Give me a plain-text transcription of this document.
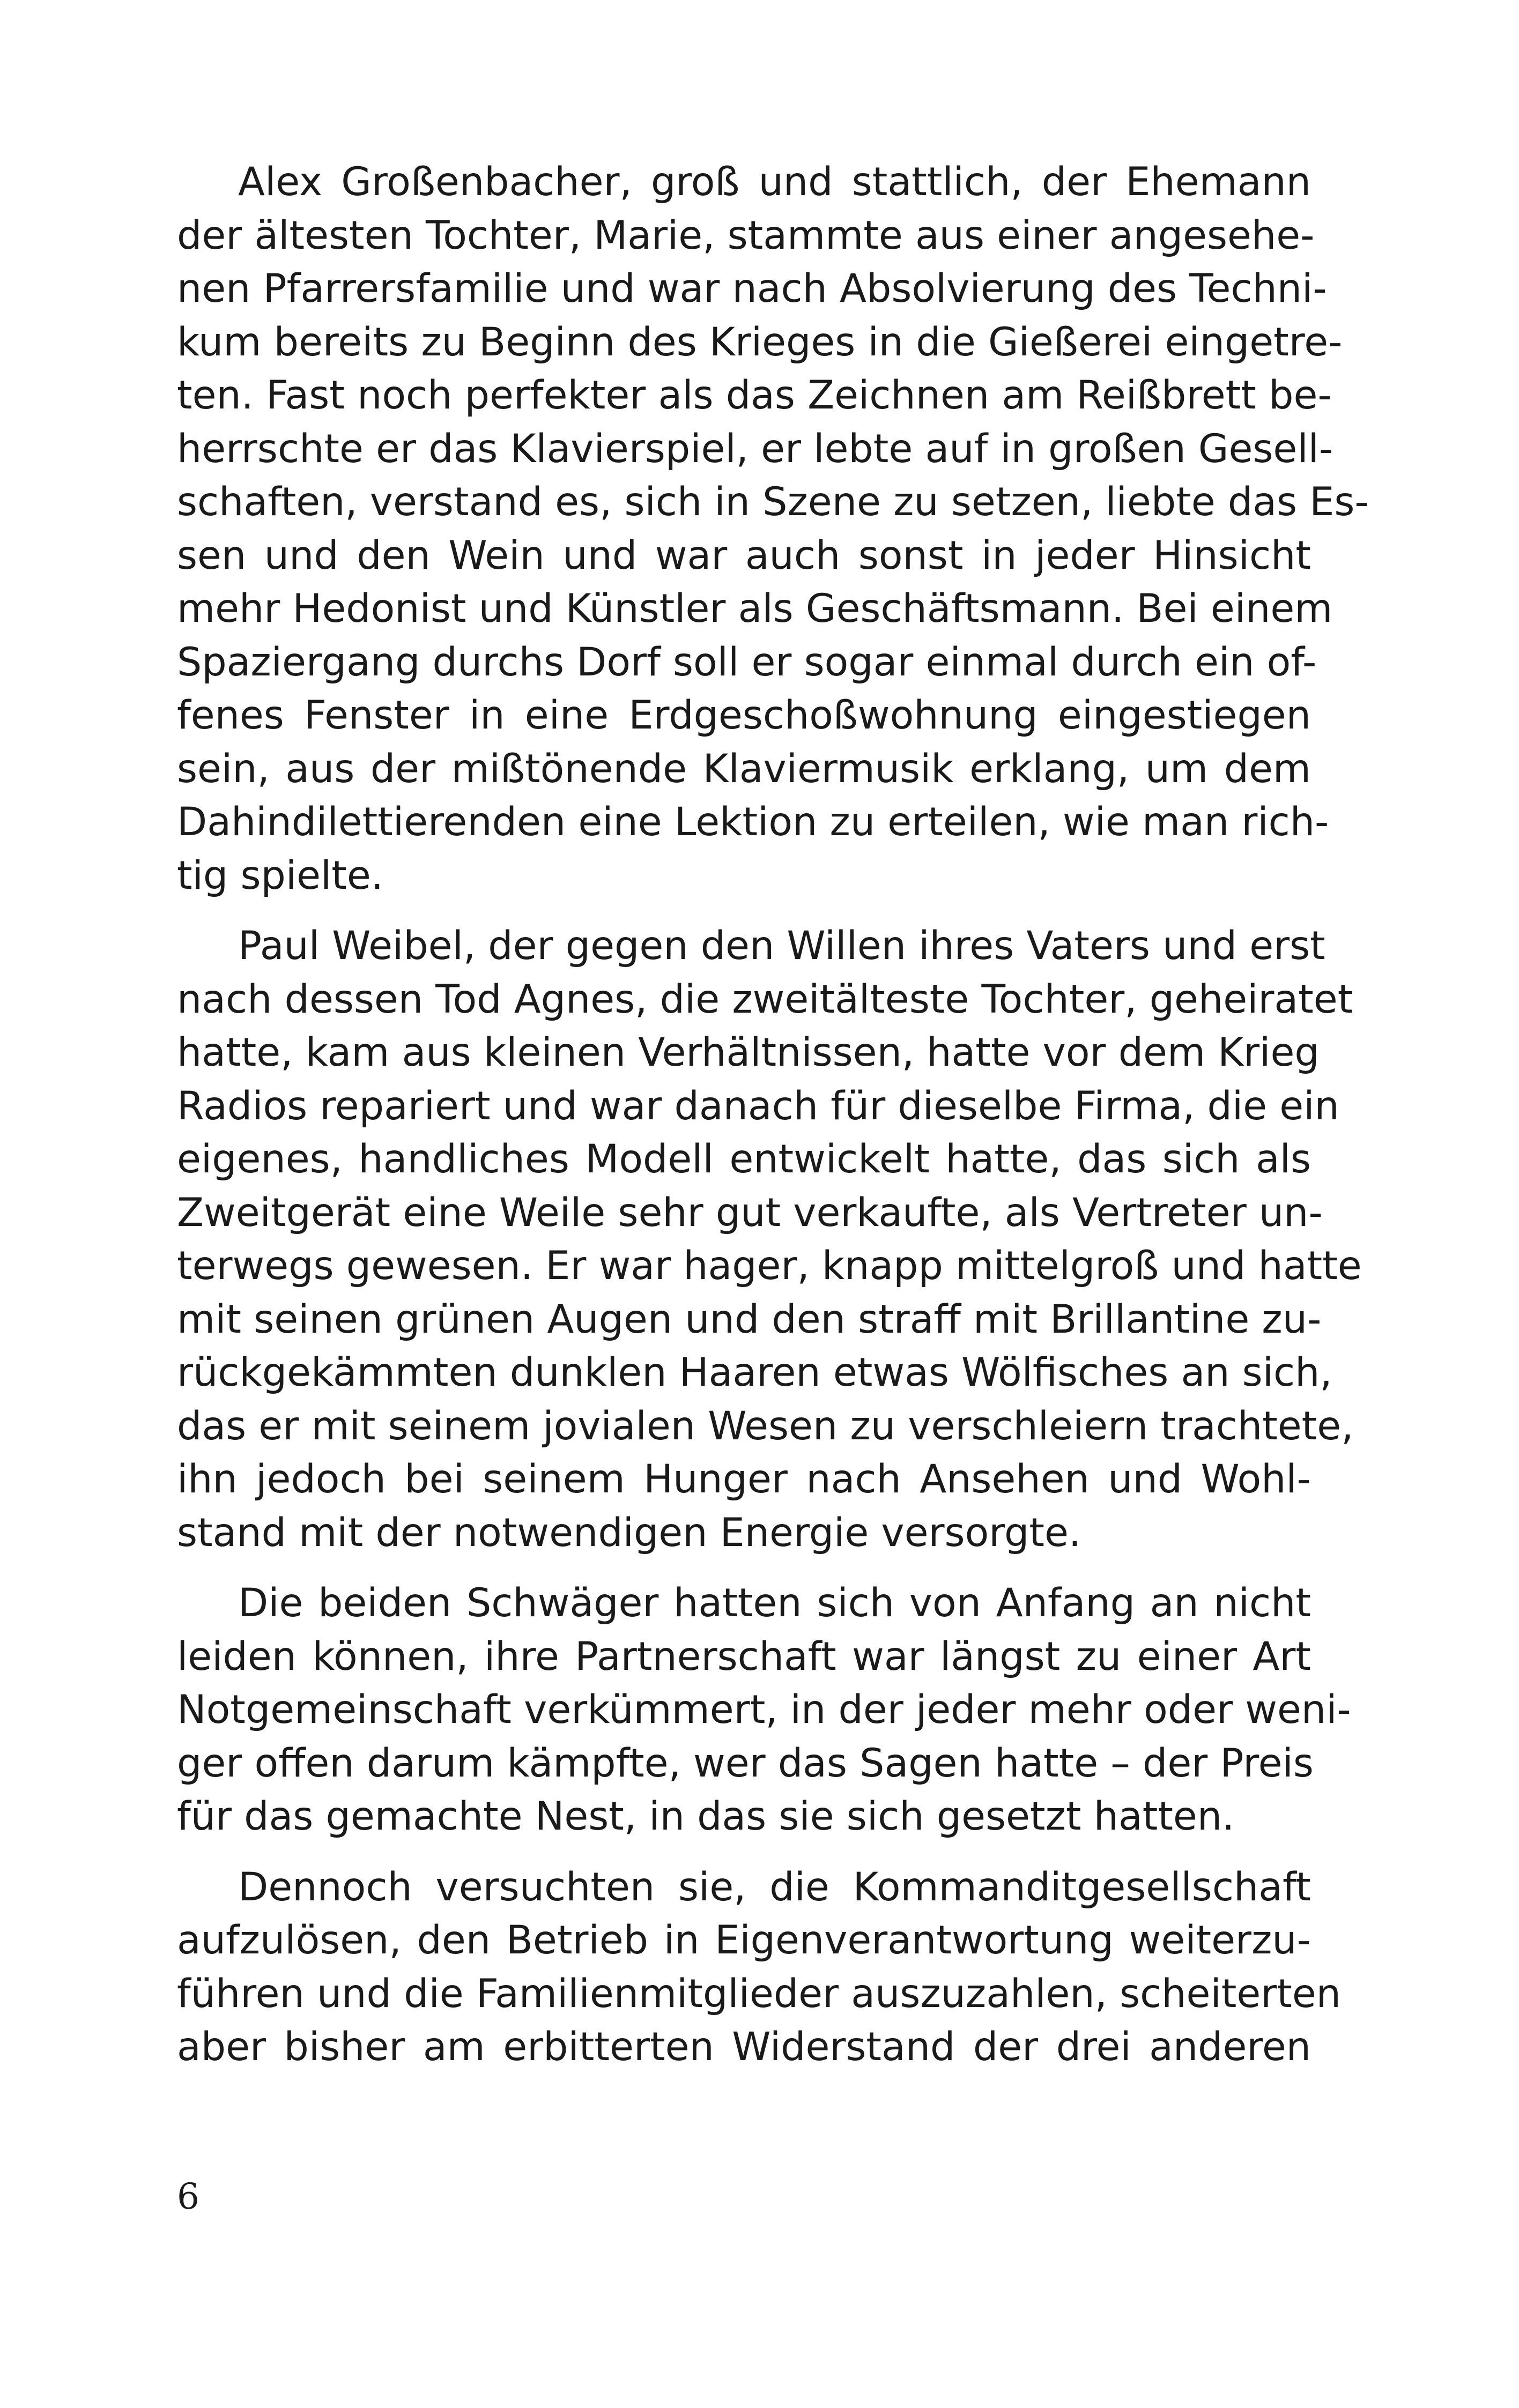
Alex Großenbacher, groß und stattlich, der Ehemann
der ältesten Tochter, Marie, stammte aus einer angesehe-
nen Pfarrersfamilie und war nach Absolvierung des Techni-
kum bereits zu Beginn des Krieges in die Gießerei eingetre-
ten. Fast noch perfekter als das Zeichnen am Reißbrett be-
herrschte er das Klavierspiel, er lebte auf in großen Gesell-
schaften, verstand es, sich in Szene zu setzen, liebte das Es-
sen und den Wein und war auch sonst in jeder Hinsicht
mehr Hedonist und Künstler als Geschäftsmann. Bei einem
Spaziergang durchs Dorf soll er sogar einmal durch ein of-
fenes Fenster in eine Erdgeschoßwohnung eingestiegen
sein, aus der mißtönende Klaviermusik erklang, um dem
Dahindilettierenden eine Lektion zu erteilen, wie man rich-
tig spielte.
Paul Weibel, der gegen den Willen ihres Vaters und erst
nach dessen Tod Agnes, die zweitälteste Tochter, geheiratet
hatte, kam aus kleinen Verhältnissen, hatte vor dem Krieg
Radios repariert und war danach für dieselbe Firma, die ein
eigenes, handliches Modell entwickelt hatte, das sich als
Zweitgerät eine Weile sehr gut verkaufte, als Vertreter un-
terwegs gewesen. Er war hager, knapp mittelgroß und hatte
mit seinen grünen Augen und den straff mit Brillantine zu-
rückgekämmten dunklen Haaren etwas Wölfisches an sich,
das er mit seinem jovialen Wesen zu verschleiern trachtete,
ihn jedoch bei seinem Hunger nach Ansehen und Wohl-
stand mit der notwendigen Energie versorgte.
Die beiden Schwäger hatten sich von Anfang an nicht
leiden können, ihre Partnerschaft war längst zu einer Art
Notgemeinschaft verkümmert, in der jeder mehr oder weni-
ger offen darum kämpfte, wer das Sagen hatte – der Preis
für das gemachte Nest, in das sie sich gesetzt hatten.
Dennoch versuchten sie, die Kommanditgesellschaft
aufzulösen, den Betrieb in Eigenverantwortung weiterzu-
führen und die Familienmitglieder auszuzahlen, scheiterten
aber bisher am erbitterten Widerstand der drei anderen
6
